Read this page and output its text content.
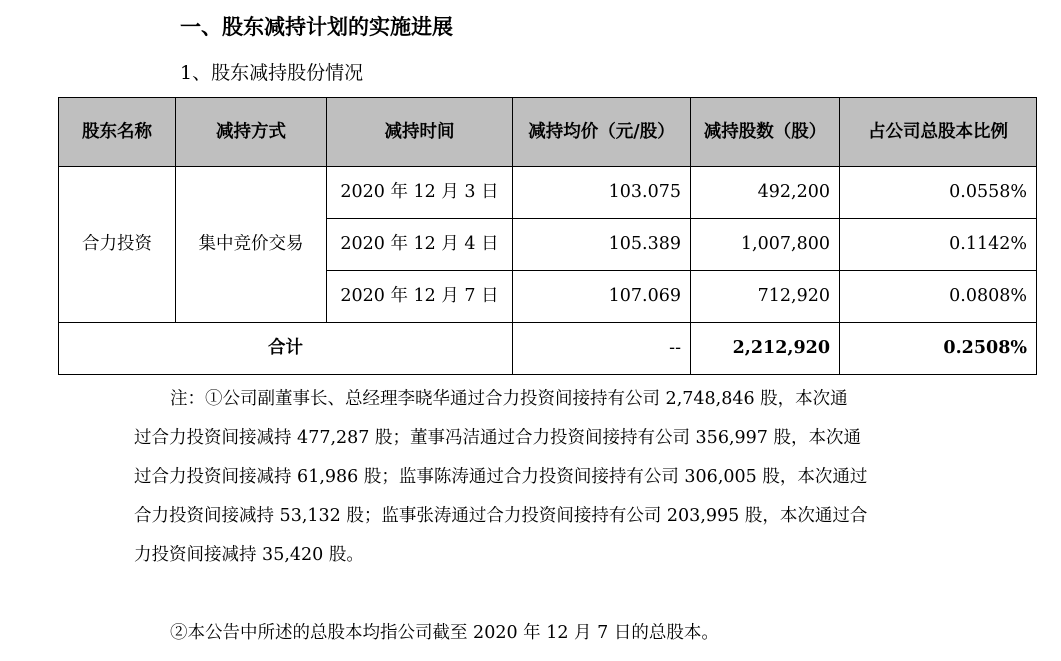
一、股东减持计划的实施进展
1、股东减持股份情况
股东名称	减持方式	减持时间	减持均价（元/股）	减持股数（股）	占公司总股本比例
合力投资	集中竞价交易	2020 年 12 月 3 日	103.075	492,200	0.0558%
		2020 年 12 月 4 日	105.389	1,007,800	0.1142%
		2020 年 12 月 7 日	107.069	712,920	0.0808%
合计			--	2,212,920	0.2508%

注：①公司副董事长、总经理李晓华通过合力投资间接持有公司 2,748,846 股，本次通
过合力投资间接减持 477,287 股；董事冯洁通过合力投资间接持有公司 356,997 股，本次通
过合力投资间接减持 61,986 股；监事陈涛通过合力投资间接持有公司 306,005 股，本次通过
合力投资间接减持 53,132 股；监事张涛通过合力投资间接持有公司 203,995 股，本次通过合
力投资间接减持 35,420 股。

②本公告中所述的总股本均指公司截至 2020 年 12 月 7 日的总股本。
